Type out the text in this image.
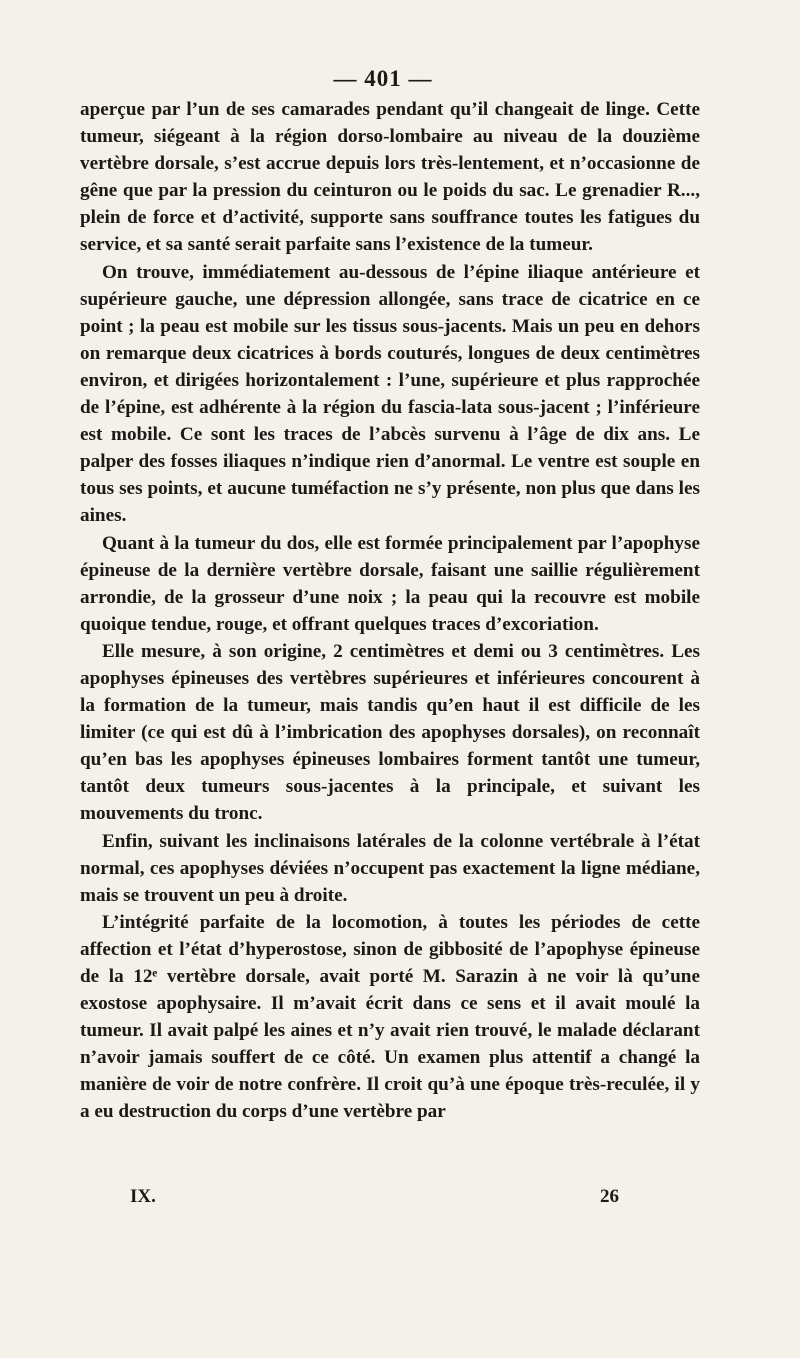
— 401 —

aperçue par l’un de ses camarades pendant qu’il changeait de linge. Cette tumeur, siégeant à la région dorso-lombaire au niveau de la douzième vertèbre dorsale, s’est accrue depuis lors très-lentement, et n’occasionne de gêne que par la pression du ceinturon ou le poids du sac. Le grenadier R..., plein de force et d’activité, supporte sans souffrance toutes les fatigues du service, et sa santé serait parfaite sans l’existence de la tumeur.

On trouve, immédiatement au-dessous de l’épine iliaque antérieure et supérieure gauche, une dépression allongée, sans trace de cicatrice en ce point ; la peau est mobile sur les tissus sous-jacents. Mais un peu en dehors on remarque deux cicatrices à bords couturés, longues de deux centimètres environ, et dirigées horizontalement : l’une, supérieure et plus rapprochée de l’épine, est adhérente à la région du fascia-lata sous-jacent ; l’inférieure est mobile. Ce sont les traces de l’abcès survenu à l’âge de dix ans. Le palper des fosses iliaques n’indique rien d’anormal. Le ventre est souple en tous ses points, et aucune tuméfaction ne s’y présente, non plus que dans les aines.

Quant à la tumeur du dos, elle est formée principalement par l’apophyse épineuse de la dernière vertèbre dorsale, faisant une saillie régulièrement arrondie, de la grosseur d’une noix ; la peau qui la recouvre est mobile quoique tendue, rouge, et offrant quelques traces d’excoriation.

Elle mesure, à son origine, 2 centimètres et demi ou 3 centimètres. Les apophyses épineuses des vertèbres supérieures et inférieures concourent à la formation de la tumeur, mais tandis qu’en haut il est difficile de les limiter (ce qui est dû à l’imbrication des apophyses dorsales), on reconnaît qu’en bas les apophyses épineuses lombaires forment tantôt une tumeur, tantôt deux tumeurs sous-jacentes à la principale, et suivant les mouvements du tronc.

Enfin, suivant les inclinaisons latérales de la colonne vertébrale à l’état normal, ces apophyses déviées n’occupent pas exactement la ligne médiane, mais se trouvent un peu à droite.

L’intégrité parfaite de la locomotion, à toutes les périodes de cette affection et l’état d’hyperostose, sinon de gibbosité de l’apophyse épineuse de la 12ᵉ vertèbre dorsale, avait porté M. Sarazin à ne voir là qu’une exostose apophysaire. Il m’avait écrit dans ce sens et il avait moulé la tumeur. Il avait palpé les aines et n’y avait rien trouvé, le malade déclarant n’avoir jamais souffert de ce côté. Un examen plus attentif a changé la manière de voir de notre confrère. Il croit qu’à une époque très-reculée, il y a eu destruction du corps d’une vertèbre par

IX.	26
